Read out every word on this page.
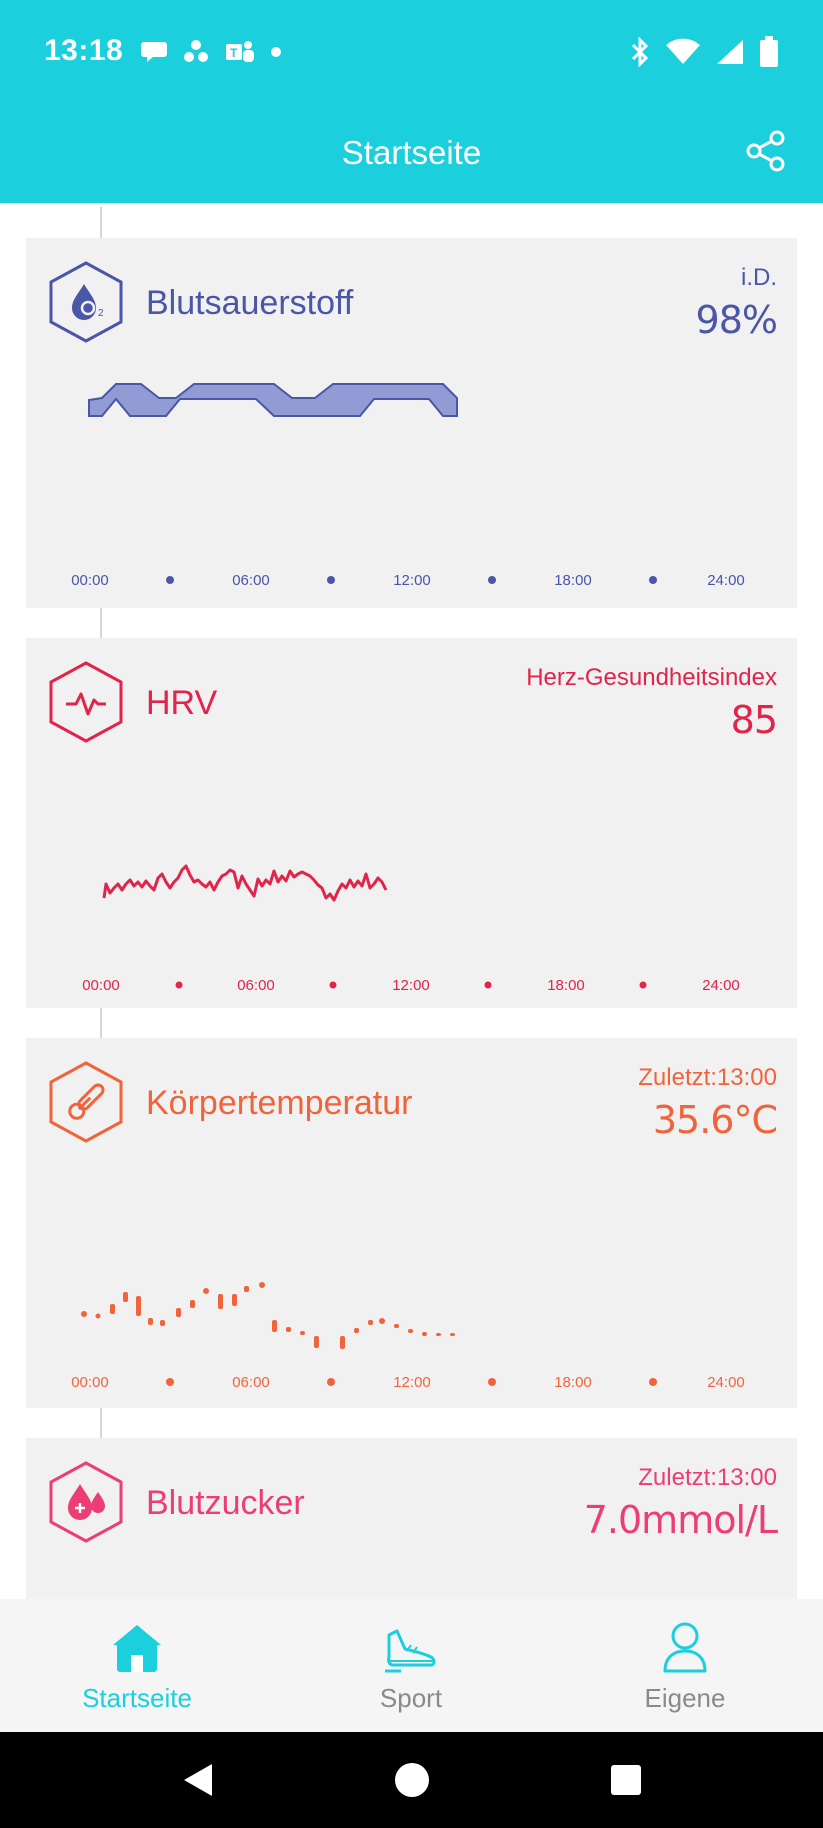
13:18	T
Startseite
2 Blutsauerstoff
i.D.
98%
00:00	06:00	12:00	18:00	24:00
HRV
Herz-Gesundheitsindex
85
00:00	06:00	12:00	18:00	24:00
Körpertemperatur
Zuletzt:13:00
35.6°C
00:00	06:00	12:00	18:00	24:00
Blutzucker
Zuletzt:13:00
7.0mmol/L
Startseite	Sport	Eigene
